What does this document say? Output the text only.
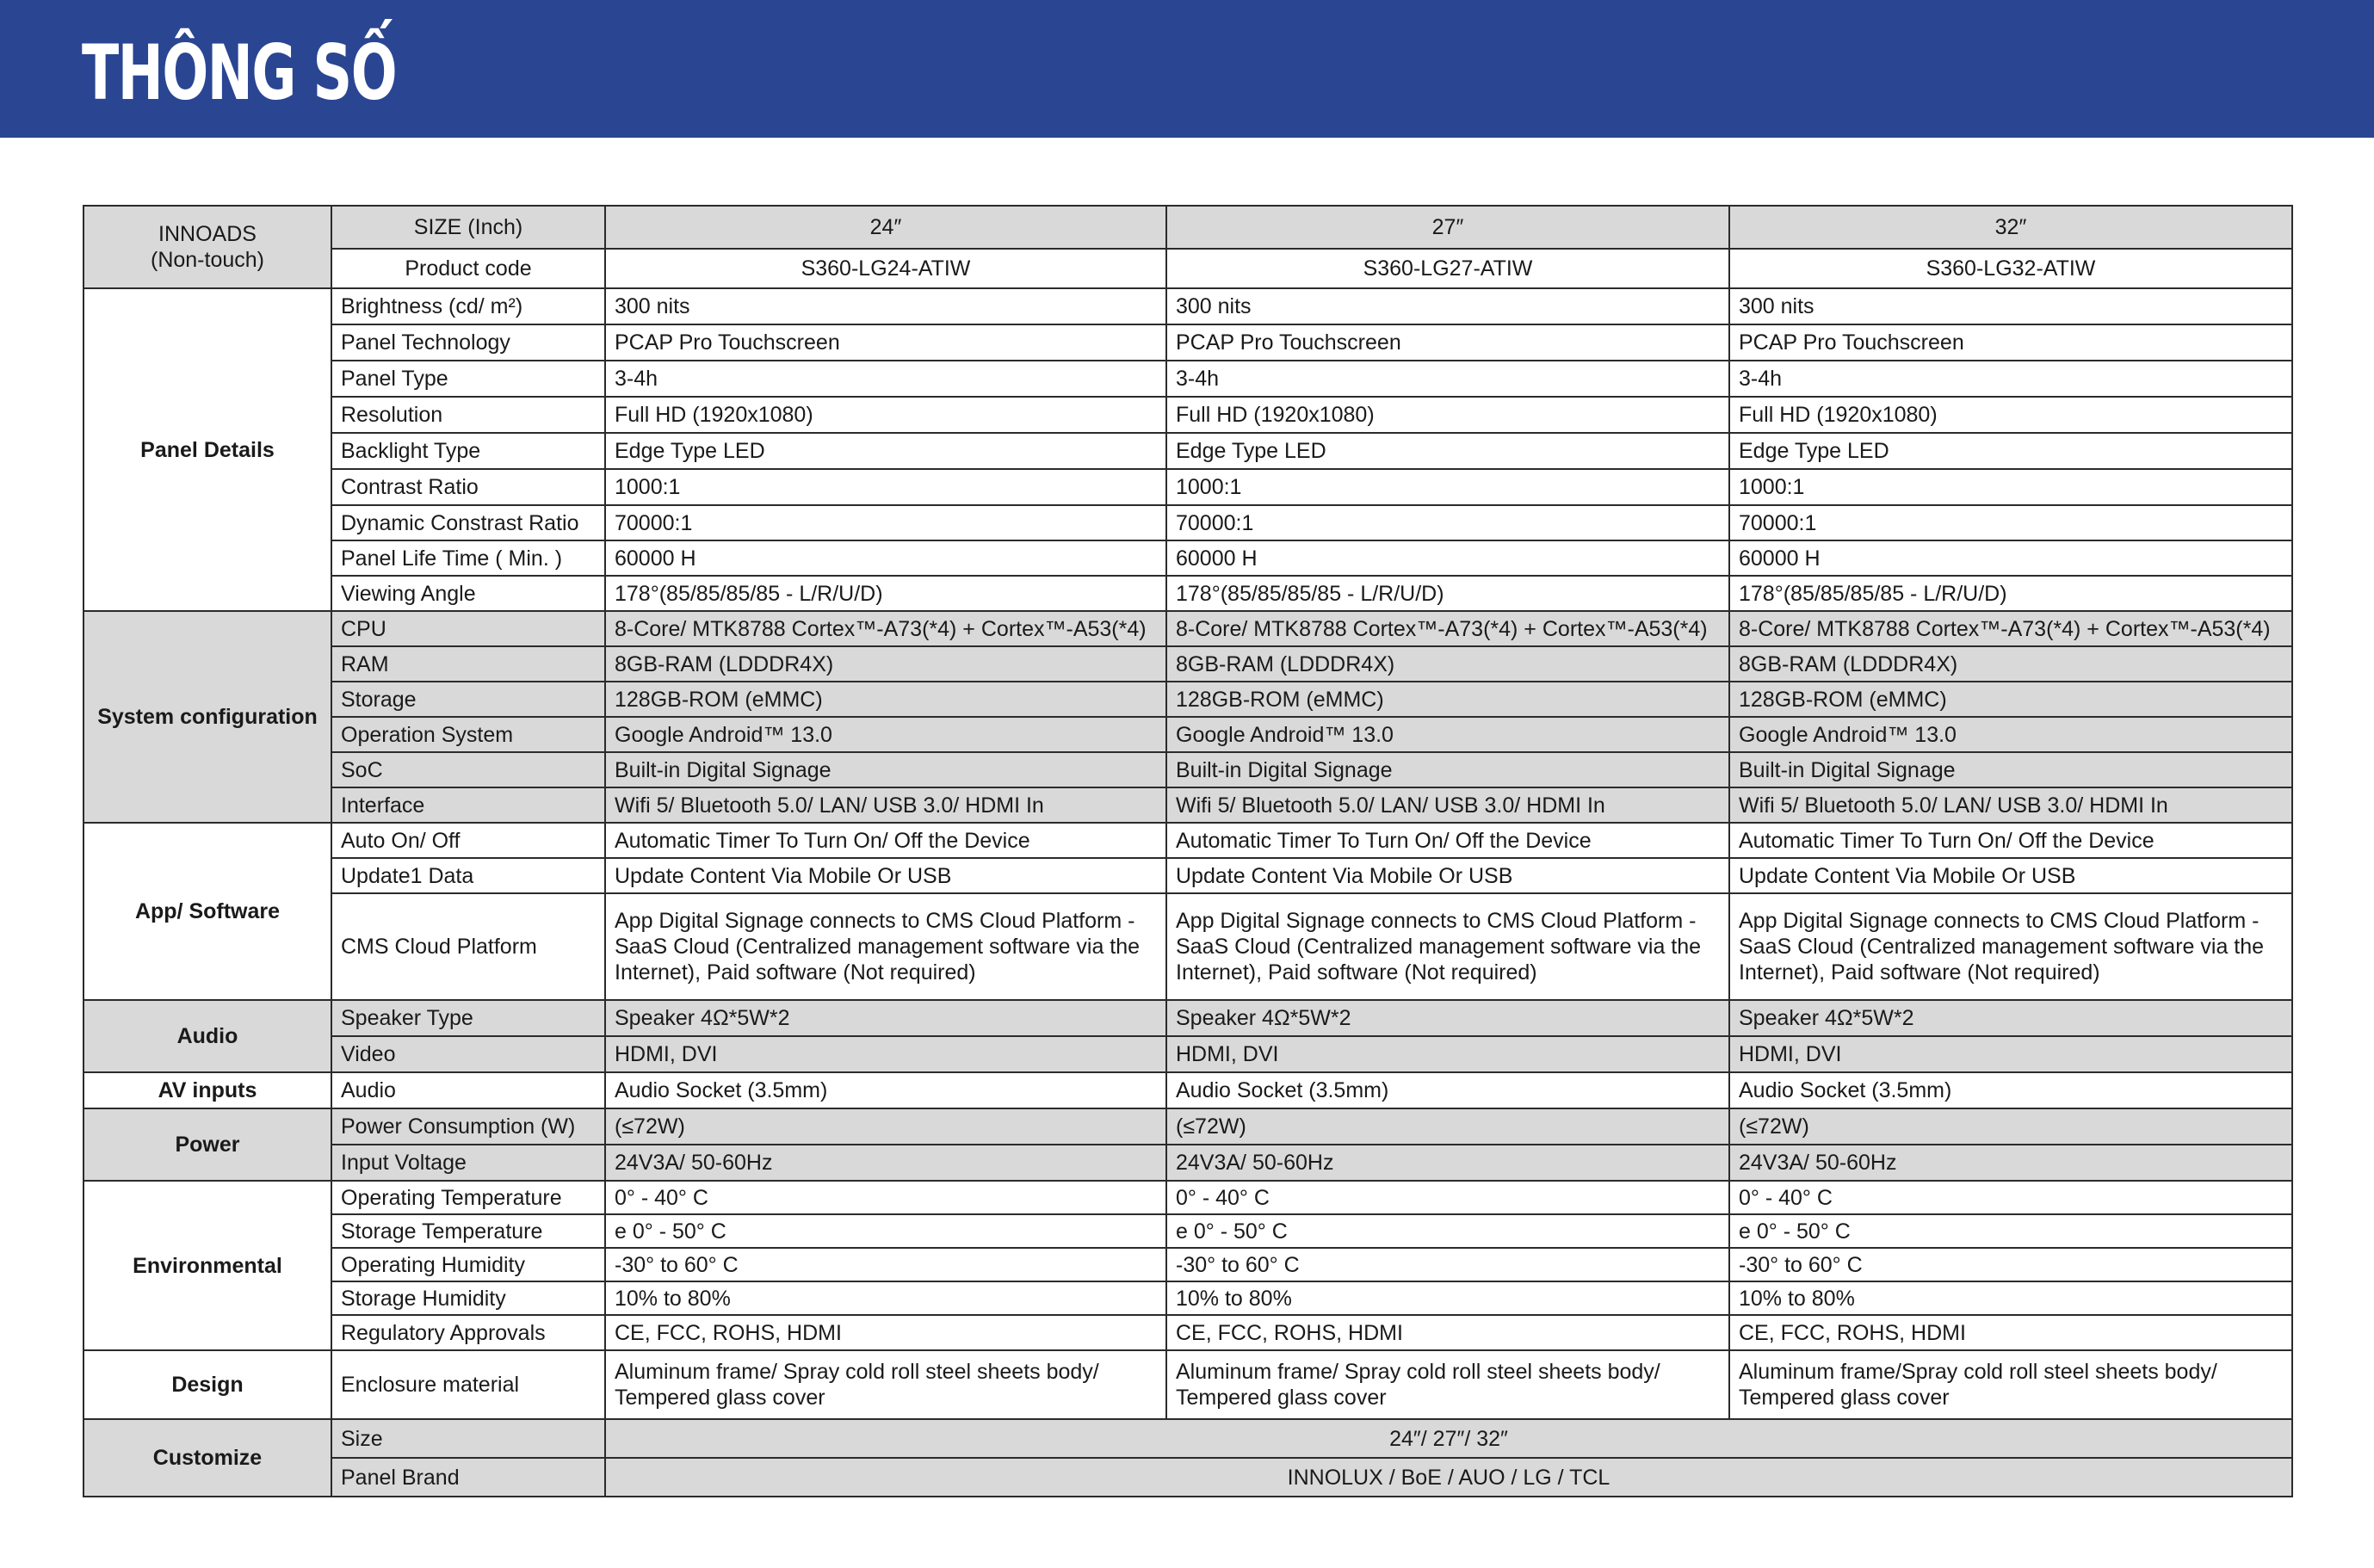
THÔNG SỐ
INNOADS
(Non-touch)	SIZE (Inch)	24″	27″	32″
	Product code	S360-LG24-ATIW	S360-LG27-ATIW	S360-LG32-ATIW
Panel Details	Brightness (cd/ m²)	300 nits	300 nits	300 nits
	Panel Technology	PCAP Pro Touchscreen	PCAP Pro Touchscreen	PCAP Pro Touchscreen
	Panel Type	3-4h	3-4h	3-4h
	Resolution	Full HD (1920x1080)	Full HD (1920x1080)	Full HD (1920x1080)
	Backlight Type	Edge Type LED	Edge Type LED	Edge Type LED
	Contrast Ratio	1000:1	1000:1	1000:1
	Dynamic Constrast Ratio	70000:1	70000:1	70000:1
	Panel Life Time ( Min. )	60000 H	60000 H	60000 H
	Viewing Angle	178°(85/85/85/85 - L/R/U/D)	178°(85/85/85/85 - L/R/U/D)	178°(85/85/85/85 - L/R/U/D)
System configuration	CPU	8-Core/ MTK8788 Cortex™-A73(*4) + Cortex™-A53(*4)	8-Core/ MTK8788 Cortex™-A73(*4) + Cortex™-A53(*4)	8-Core/ MTK8788 Cortex™-A73(*4) + Cortex™-A53(*4)
	RAM	8GB-RAM (LDDDR4X)	8GB-RAM (LDDDR4X)	8GB-RAM (LDDDR4X)
	Storage	128GB-ROM (eMMC)	128GB-ROM (eMMC)	128GB-ROM (eMMC)
	Operation System	Google Android™ 13.0	Google Android™ 13.0	Google Android™ 13.0
	SoC	Built-in Digital Signage	Built-in Digital Signage	Built-in Digital Signage
	Interface	Wifi 5/ Bluetooth 5.0/ LAN/ USB 3.0/ HDMI In	Wifi 5/ Bluetooth 5.0/ LAN/ USB 3.0/ HDMI In	Wifi 5/ Bluetooth 5.0/ LAN/ USB 3.0/ HDMI In
App/ Software	Auto On/ Off	Automatic Timer To Turn On/ Off the Device	Automatic Timer To Turn On/ Off the Device	Automatic Timer To Turn On/ Off the Device
	Update1 Data	Update Content Via Mobile Or USB	Update Content Via Mobile Or USB	Update Content Via Mobile Or USB
	CMS Cloud Platform	App Digital Signage connects to CMS Cloud Platform - SaaS Cloud (Centralized management software via the Internet), Paid software (Not required)	App Digital Signage connects to CMS Cloud Platform - SaaS Cloud (Centralized management software via the Internet), Paid software (Not required)	App Digital Signage connects to CMS Cloud Platform - SaaS Cloud (Centralized management software via the Internet), Paid software (Not required)
Audio	Speaker Type	Speaker 4Ω*5W*2	Speaker 4Ω*5W*2	Speaker 4Ω*5W*2
	Video	HDMI, DVI	HDMI, DVI	HDMI, DVI
AV inputs	Audio	Audio Socket (3.5mm)	Audio Socket (3.5mm)	Audio Socket (3.5mm)
Power	Power Consumption (W)	(≤72W)	(≤72W)	(≤72W)
	Input Voltage	24V3A/ 50-60Hz	24V3A/ 50-60Hz	24V3A/ 50-60Hz
Environmental	Operating Temperature	0° - 40° C	0° - 40° C	0° - 40° C
	Storage Temperature	e 0° - 50° C	e 0° - 50° C	e 0° - 50° C
	Operating Humidity	-30° to 60° C	-30° to 60° C	-30° to 60° C
	Storage Humidity	10% to 80%	10% to 80%	10% to 80%
	Regulatory Approvals	CE, FCC, ROHS, HDMI	CE, FCC, ROHS, HDMI	CE, FCC, ROHS, HDMI
Design	Enclosure material	Aluminum frame/ Spray cold roll steel sheets body/ Tempered glass cover	Aluminum frame/ Spray cold roll steel sheets body/ Tempered glass cover	Aluminum frame/Spray cold roll steel sheets body/ Tempered glass cover
Customize	Size	24″/ 27″/ 32″		
	Panel Brand	INNOLUX / BoE / AUO / LG / TCL		
